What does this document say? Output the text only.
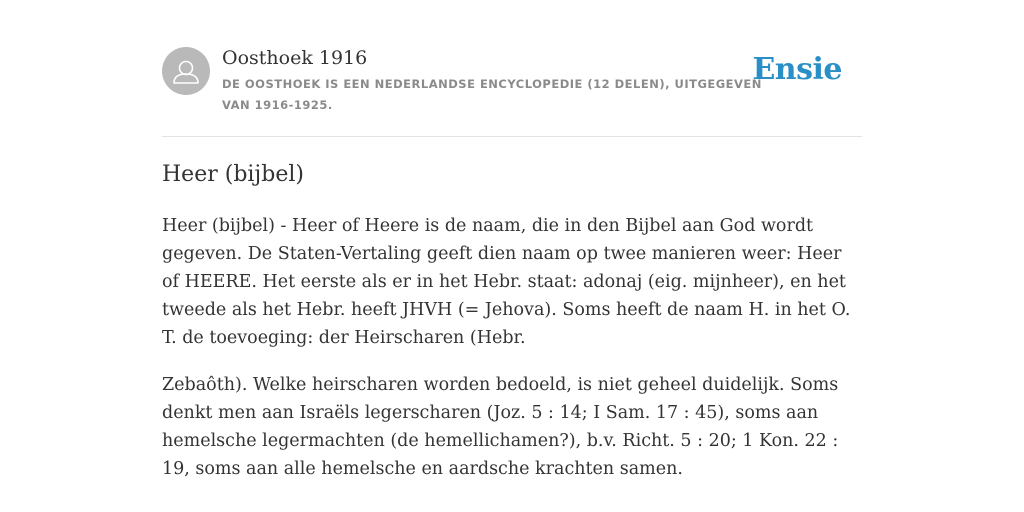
Oosthoek 1916
DE OOSTHOEK IS EEN NEDERLANDSE ENCYCLOPEDIE (12 DELEN), UITGEGEVEN VAN 1916-1925.
Ensie
Heer (bijbel)

Heer (bijbel) - Heer of Heere is de naam, die in den Bijbel aan God wordt gegeven. De Staten-Vertaling geeft dien naam op twee manieren weer: Heer of HEERE. Het eerste als er in het Hebr. staat: adonaj (eig. mijnheer), en het tweede als het Hebr. heeft JHVH (= Jehova). Soms heeft de naam H. in het O. T. de toevoeging: der Heirscharen (Hebr.

Zebaôth). Welke heirscharen worden bedoeld, is niet geheel duidelijk. Soms denkt men aan Israëls legerscharen (Joz. 5 : 14; I Sam. 17 : 45), soms aan hemelsche legermachten (de hemellichamen?), b.v. Richt. 5 : 20; 1 Kon. 22 : 19, soms aan alle hemelsche en aardsche krachten samen.
